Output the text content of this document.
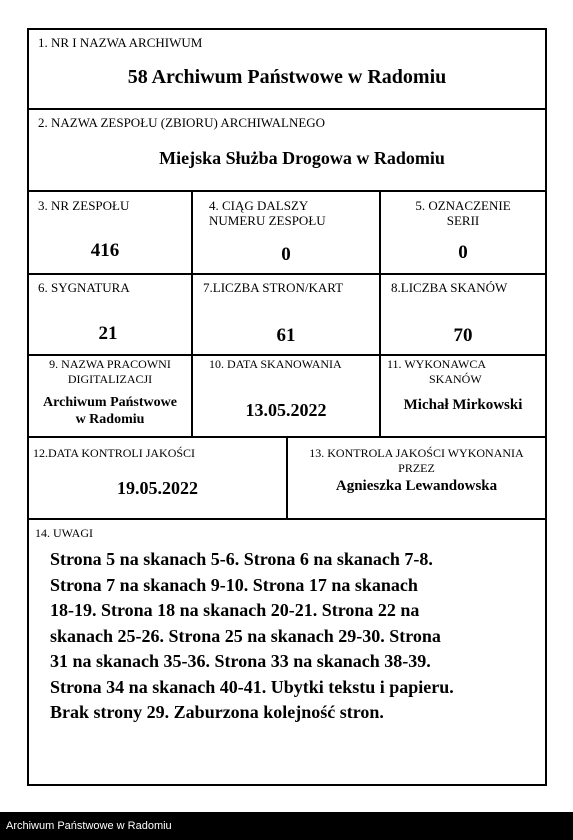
1. NR I NAZWA ARCHIWUM
58 Archiwum Państwowe w Radomiu
2. NAZWA ZESPOŁU (ZBIORU) ARCHIWALNEGO
Miejska Służba Drogowa w Radomiu
3. NR ZESPOŁU
416
4. CIĄG DALSZY
NUMERU ZESPOŁU
0
5. OZNACZENIE
SERII
0
6. SYGNATURA
21
7.LICZBA STRON/KART
61
8.LICZBA SKANÓW
70
9. NAZWA PRACOWNI
DIGITALIZACJI
Archiwum Państwowe
w Radomiu
10. DATA SKANOWANIA
13.05.2022
11. WYKONAWCA
SKANÓW
Michał Mirkowski
12.DATA KONTROLI JAKOŚCI
19.05.2022
13. KONTROLA JAKOŚCI WYKONANIA
PRZEZ
Agnieszka Lewandowska
14. UWAGI
Strona 5 na skanach 5-6. Strona 6 na skanach 7-8.
Strona 7 na skanach 9-10. Strona 17 na skanach
18-19. Strona 18 na skanach 20-21. Strona 22 na
skanach 25-26. Strona 25 na skanach 29-30. Strona
31 na skanach 35-36. Strona 33 na skanach 38-39.
Strona 34 na skanach 40-41. Ubytki tekstu i papieru.
Brak strony 29. Zaburzona kolejność stron.
Archiwum Państwowe w Radomiu
